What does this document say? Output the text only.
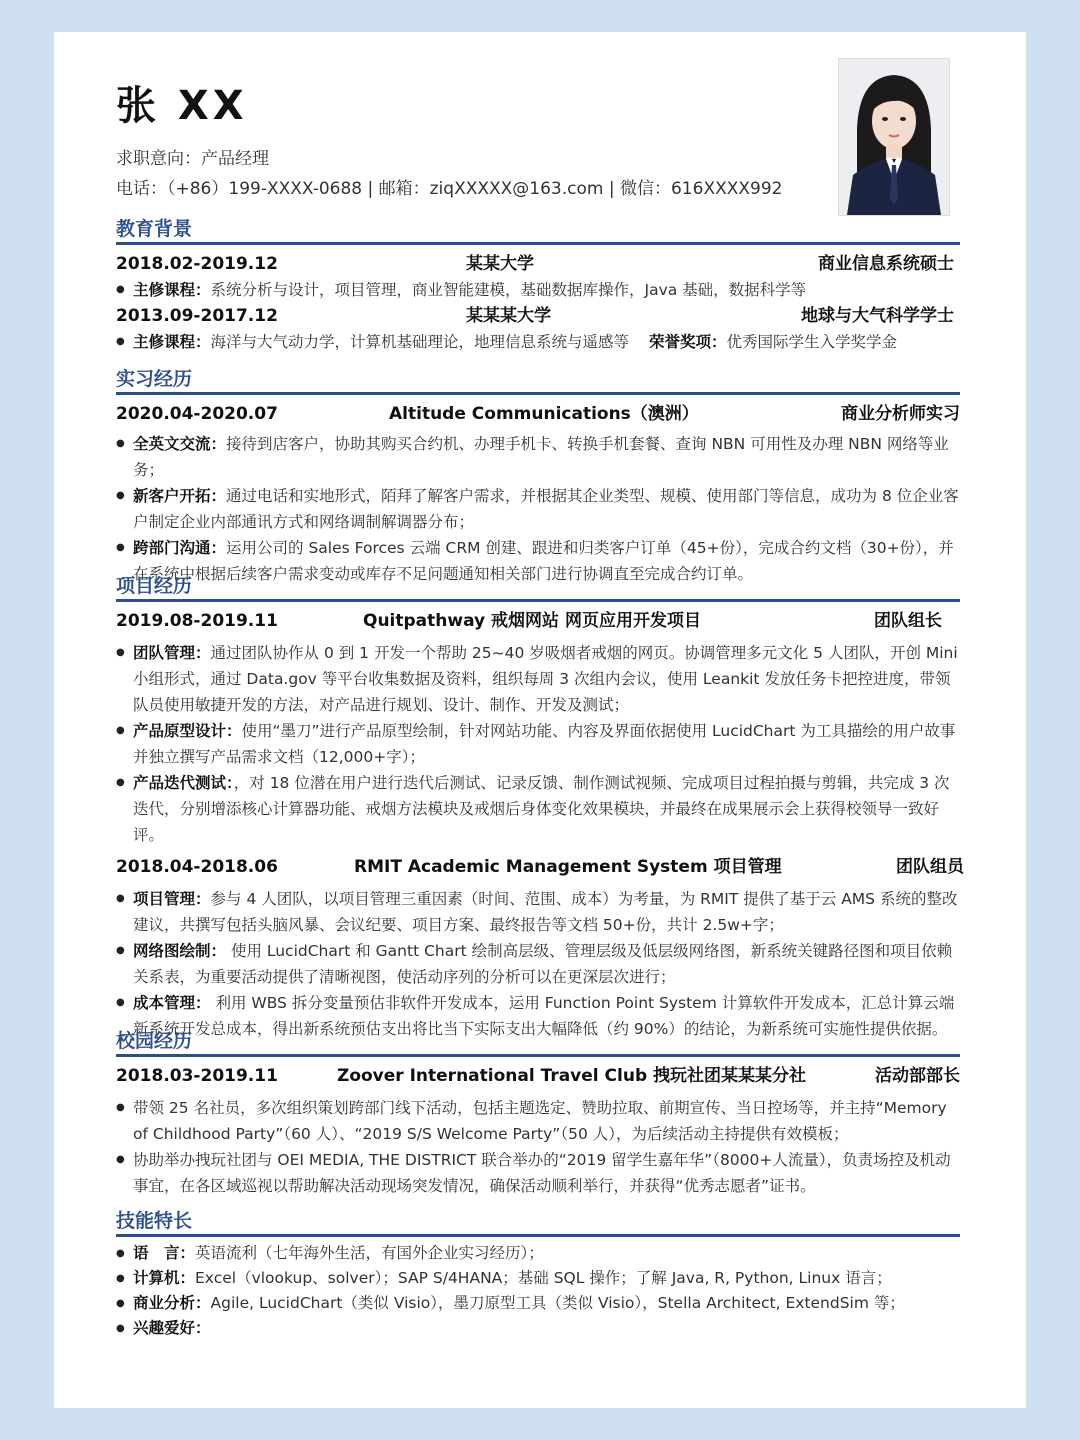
张 XX
求职意向：产品经理
电话：（+86）199-XXXX-0688 | 邮箱：ziqXXXXX@163.com | 微信：616XXXX992
教育背景
2018.02-2019.12	某某大学	商业信息系统硕士
● 主修课程：系统分析与设计，项目管理，商业智能建模，基础数据库操作，Java 基础，数据科学等
2013.09-2017.12	某某某大学	地球与大气科学学士
● 主修课程：海洋与大气动力学，计算机基础理论，地理信息系统与遥感等 荣誉奖项：优秀国际学生入学奖学金
实习经历
2020.04-2020.07	Altitude Communications（澳洲）	商业分析师实习
● 全英文交流：接待到店客户，协助其购买合约机、办理手机卡、转换手机套餐、查询 NBN 可用性及办理 NBN 网络等业务；
● 新客户开拓：通过电话和实地形式，陌拜了解客户需求，并根据其企业类型、规模、使用部门等信息，成功为 8 位企业客户制定企业内部通讯方式和网络调制解调器分布；
● 跨部门沟通：运用公司的 Sales Forces 云端 CRM 创建、跟进和归类客户订单（45+份），完成合约文档（30+份），并在系统中根据后续客户需求变动或库存不足问题通知相关部门进行协调直至完成合约订单。
项目经历
2019.08-2019.11	Quitpathway 戒烟网站 网页应用开发项目	团队组长
● 团队管理：通过团队协作从 0 到 1 开发一个帮助 25~40 岁吸烟者戒烟的网页。协调管理多元文化 5 人团队，开创 Mini 小组形式，通过 Data.gov 等平台收集数据及资料，组织每周 3 次组内会议，使用 Leankit 发放任务卡把控进度，带领队员使用敏捷开发的方法，对产品进行规划、设计、制作、开发及测试；
● 产品原型设计：使用“墨刀”进行产品原型绘制，针对网站功能、内容及界面依据使用 LucidChart 为工具描绘的用户故事并独立撰写产品需求文档（12,000+字）；
● 产品迭代测试：，对 18 位潜在用户进行迭代后测试、记录反馈、制作测试视频、完成项目过程拍摄与剪辑，共完成 3 次迭代，分别增添核心计算器功能、戒烟方法模块及戒烟后身体变化效果模块，并最终在成果展示会上获得校领导一致好评。
2018.04-2018.06	RMIT Academic Management System 项目管理	团队组员
● 项目管理：参与 4 人团队，以项目管理三重因素（时间、范围、成本）为考量，为 RMIT 提供了基于云 AMS 系统的整改建议，共撰写包括头脑风暴、会议纪要、项目方案、最终报告等文档 50+份，共计 2.5w+字；
● 网络图绘制： 使用 LucidChart 和 Gantt Chart 绘制高层级、管理层级及低层级网络图，新系统关键路径图和项目依赖关系表，为重要活动提供了清晰视图，使活动序列的分析可以在更深层次进行；
● 成本管理： 利用 WBS 拆分变量预估非软件开发成本，运用 Function Point System 计算软件开发成本，汇总计算云端新系统开发总成本，得出新系统预估支出将比当下实际支出大幅降低（约 90%）的结论，为新系统可实施性提供依据。
校园经历
2018.03-2019.11	Zoover International Travel Club 拽玩社团某某某分社	活动部部长
● 带领 25 名社员，多次组织策划跨部门线下活动，包括主题选定、赞助拉取、前期宣传、当日控场等，并主持“Memory of Childhood Party”（60 人）、“2019 S/S Welcome Party”（50 人），为后续活动主持提供有效模板；
● 协助举办拽玩社团与 OEI MEDIA, THE DISTRICT 联合举办的“2019 留学生嘉年华”（8000+人流量），负责场控及机动事宜，在各区域巡视以帮助解决活动现场突发情况，确保活动顺利举行，并获得“优秀志愿者”证书。
技能特长
● 语　言：英语流利（七年海外生活，有国外企业实习经历）；
● 计算机：Excel（vlookup、solver）；SAP S/4HANA；基础 SQL 操作；了解 Java, R, Python, Linux 语言；
● 商业分析：Agile, LucidChart（类似 Visio），墨刀原型工具（类似 Visio），Stella Architect, ExtendSim 等；
● 兴趣爱好：
